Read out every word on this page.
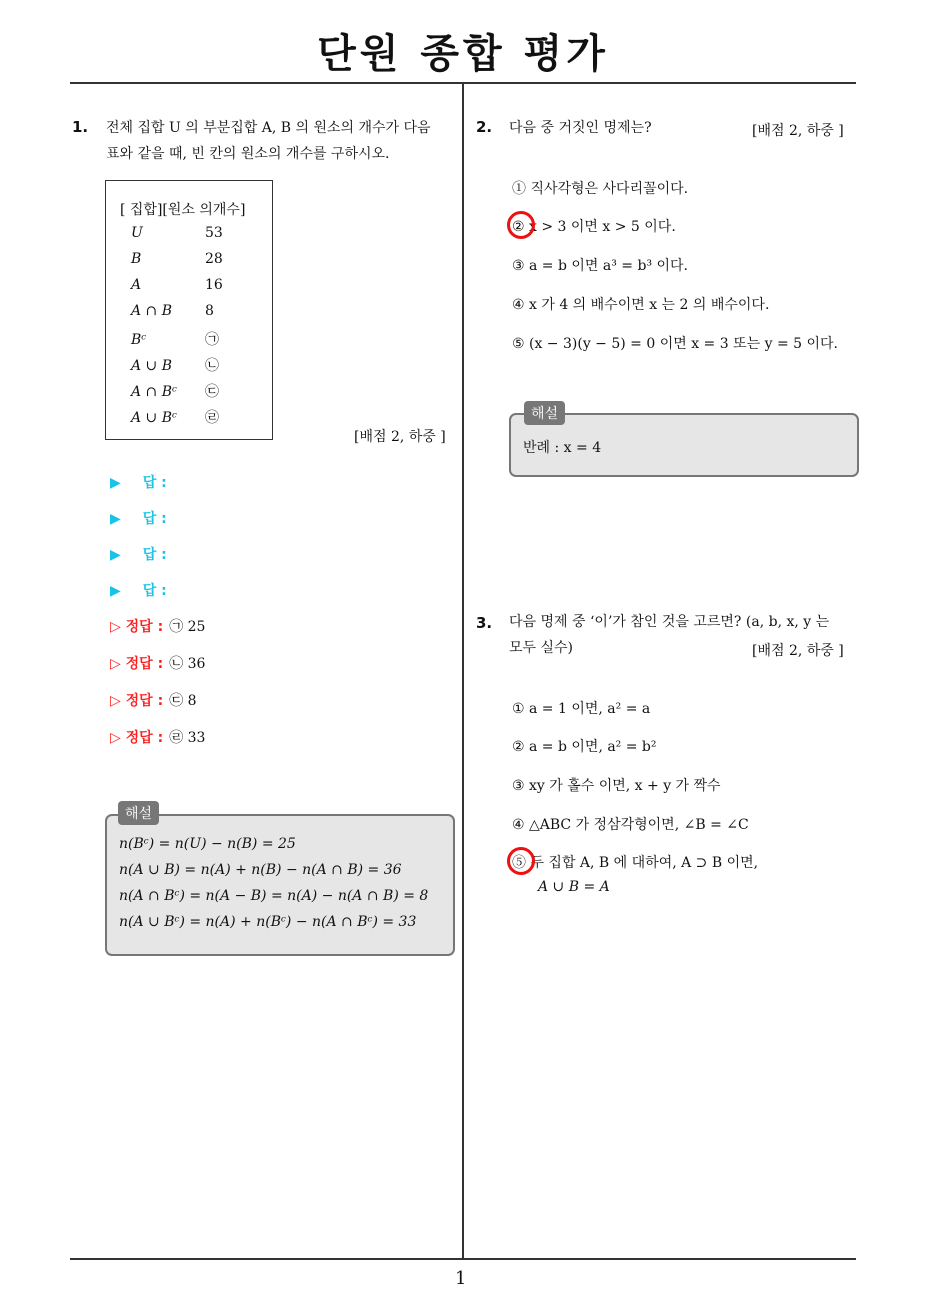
단원 종합 평가
1
1. 전체 집합 U 의 부분집합 A, B 의 원소의 개수가 다음
표와 같을 때, 빈 칸의 원소의 개수를 구하시오.
[ 집합][원소 의개수]
U	53
B	28
A	16
A ∩ B 8
Bᶜ	㉠
A ∪ B ㉡
A ∩ Bᶜ ㉢
A ∪ Bᶜ ㉣
[배점 2, 하중 ]
▶ 답 :
▶ 답 :
▶ 답 :
▶ 답 :
▷ 정답 : ㉠ 25
▷ 정답 : ㉡ 36
▷ 정답 : ㉢ 8
▷ 정답 : ㉣ 33
n(Bᶜ) = n(U) − n(B) = 25
n(A ∪ B) = n(A) + n(B) − n(A ∩ B) = 36
n(A ∩ Bᶜ) = n(A − B) = n(A) − n(A ∩ B) = 8
n(A ∪ Bᶜ) = n(A) + n(Bᶜ) − n(A ∩ Bᶜ) = 33
해설
2. 다음 중 거짓인 명제는?	[배점 2, 하중 ]
① 직사각형은 사다리꼴이다.
② x > 3 이면 x > 5 이다.
③ a = b 이면 a³ = b³ 이다.
④ x 가 4 의 배수이면 x 는 2 의 배수이다.
⑤ (x − 3)(y − 5) = 0 이면 x = 3 또는 y = 5 이다.
반례 : x = 4
해설
3. 다음 명제 중 ‘이’가 참인 것을 고르면? (a, b, x, y 는
모두 실수)	[배점 2, 하중 ]
① a = 1 이면, a² = a
② a = b 이면, a² = b²
③ xy 가 홀수 이면, x + y 가 짝수
④ △ABC 가 정삼각형이면, ∠B = ∠C
⑤ 두 집합 A, B 에 대하여, A ⊃ B 이면,
A ∪ B = A
